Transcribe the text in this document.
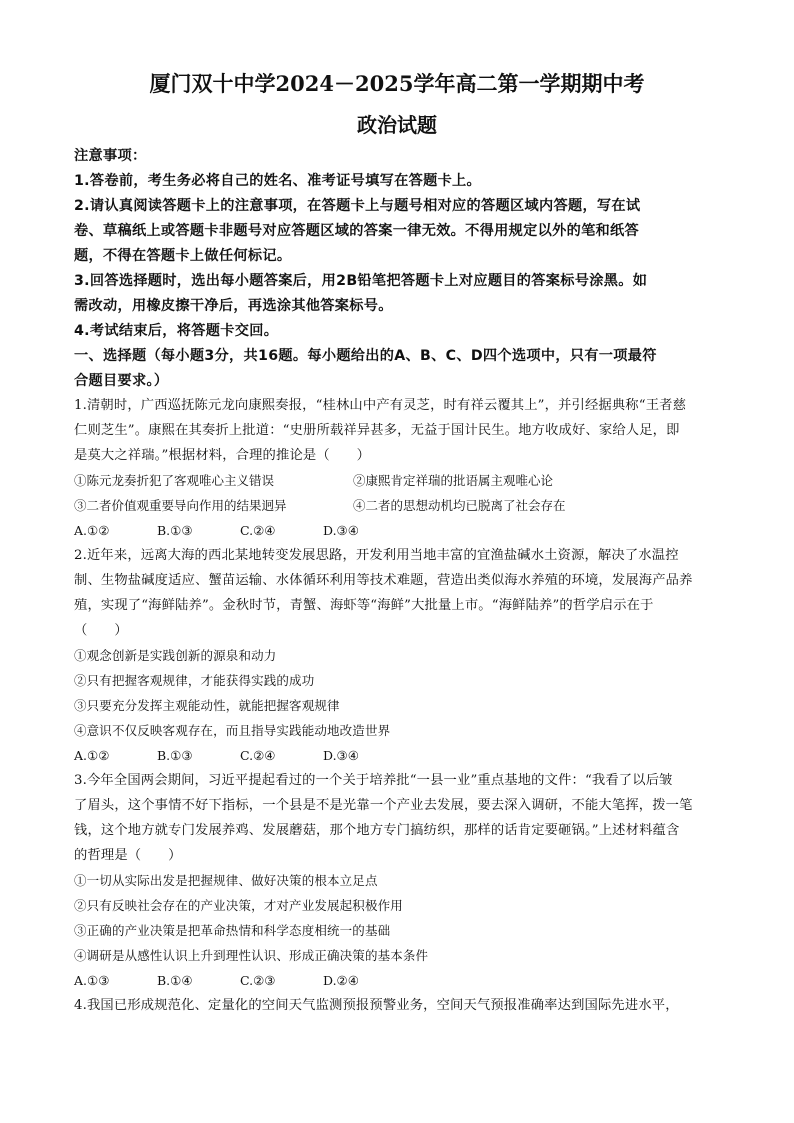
厦门双十中学2024－2025学年高二第一学期期中考
政治试题
注意事项：
1.答卷前，考生务必将自己的姓名、准考证号填写在答题卡上。
2.请认真阅读答题卡上的注意事项，在答题卡上与题号相对应的答题区域内答题，写在试
卷、草稿纸上或答题卡非题号对应答题区域的答案一律无效。不得用规定以外的笔和纸答
题，不得在答题卡上做任何标记。
3.回答选择题时，选出每小题答案后，用2B铅笔把答题卡上对应题目的答案标号涂黑。如
需改动，用橡皮擦干净后，再选涂其他答案标号。
4.考试结束后，将答题卡交回。
一、选择题（每小题3分，共16题。每小题给出的A、B、C、D四个选项中，只有一项最符
合题目要求。）
1.清朝时，广西巡抚陈元龙向康熙奏报，“桂林山中产有灵芝，时有祥云覆其上”，并引经据典称“王者慈
仁则芝生”。康熙在其奏折上批道：“史册所载祥异甚多，无益于国计民生。地方收成好、家给人足，即
是莫大之祥瑞。”根据材料，合理的推论是（　　）
①陈元龙奏折犯了客观唯心主义错误	②康熙肯定祥瑞的批语属主观唯心论
③二者价值观重要导向作用的结果迥异	④二者的思想动机均已脱离了社会存在
A.①②	B.①③	C.②④	D.③④
2.近年来，远离大海的西北某地转变发展思路，开发利用当地丰富的宜渔盐碱水土资源，解决了水温控
制、生物盐碱度适应、蟹苗运输、水体循环利用等技术难题，营造出类似海水养殖的环境，发展海产品养
殖，实现了“海鲜陆养”。金秋时节，青蟹、海虾等“海鲜”大批量上市。“海鲜陆养”的哲学启示在于
（　　）
①观念创新是实践创新的源泉和动力
②只有把握客观规律，才能获得实践的成功
③只要充分发挥主观能动性，就能把握客观规律
④意识不仅反映客观存在，而且指导实践能动地改造世界
A.①②	B.①③	C.②④	D.③④
3.今年全国两会期间，习近平提起看过的一个关于培养批“一县一业”重点基地的文件：“我看了以后皱
了眉头，这个事情不好下指标，一个县是不是光靠一个产业去发展，要去深入调研，不能大笔挥，拨一笔
钱，这个地方就专门发展养鸡、发展蘑菇，那个地方专门搞纺织，那样的话肯定要砸锅。”上述材料蕴含
的哲理是（　　）
①一切从实际出发是把握规律、做好决策的根本立足点
②只有反映社会存在的产业决策，才对产业发展起积极作用
③正确的产业决策是把革命热情和科学态度相统一的基础
④调研是从感性认识上升到理性认识、形成正确决策的基本条件
A.①③	B.①④	C.②③	D.②④
4.我国已形成规范化、定量化的空间天气监测预报预警业务，空间天气预报准确率达到国际先进水平，
